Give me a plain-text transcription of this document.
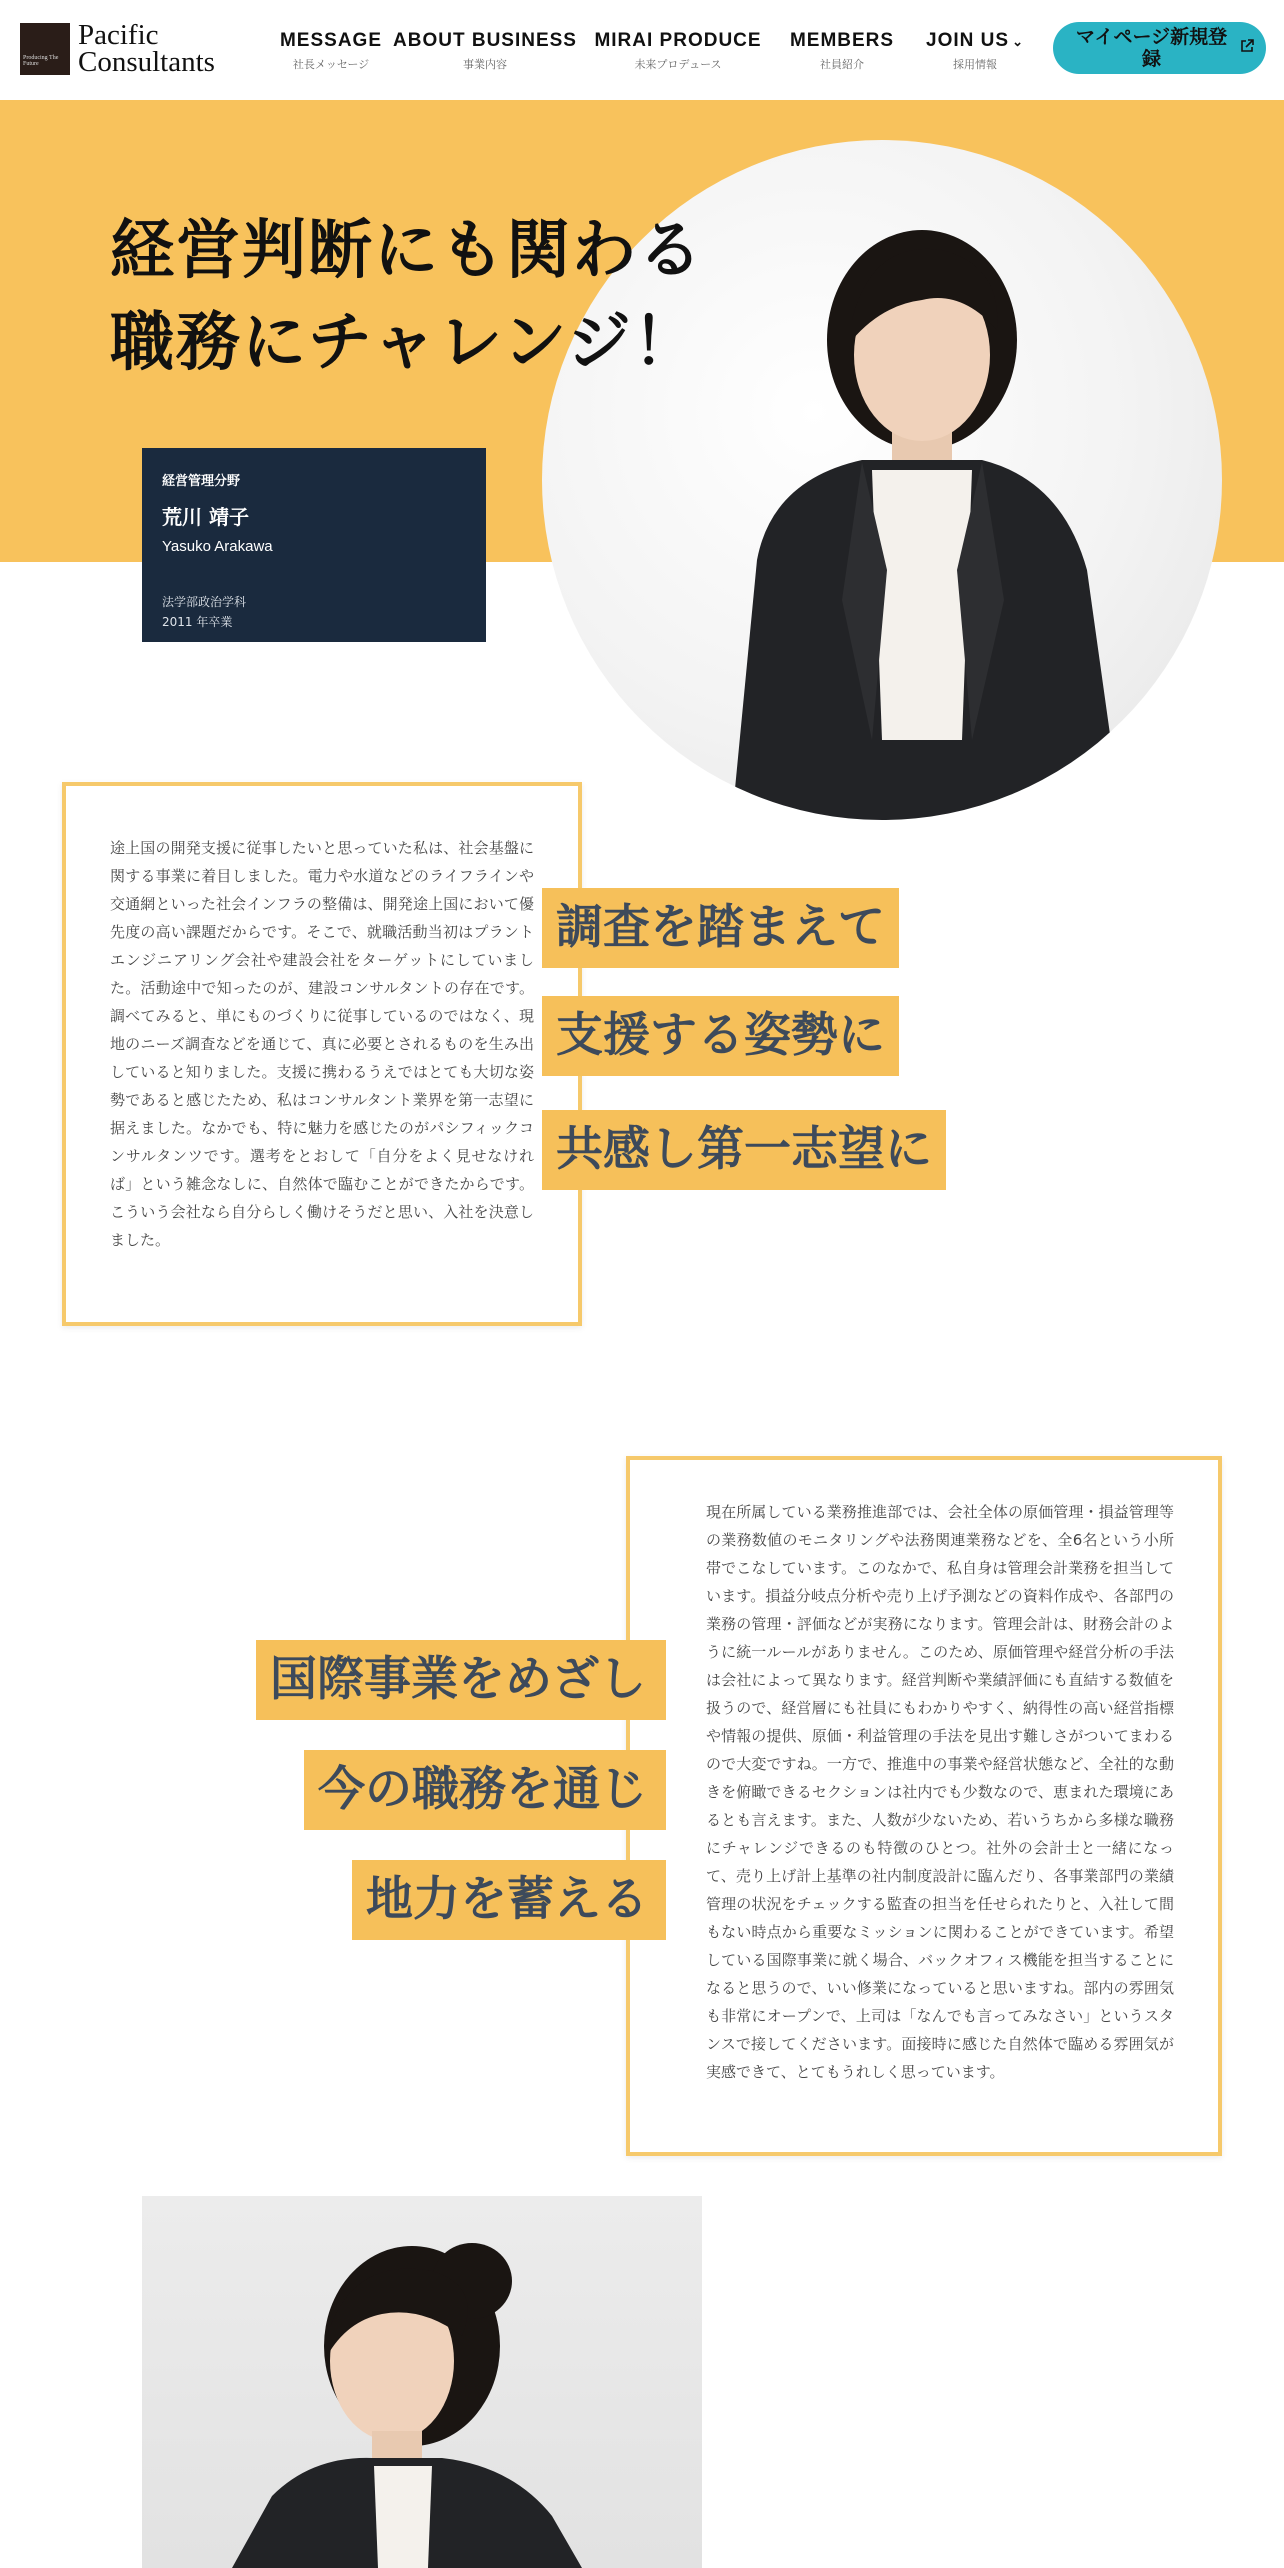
Producing The Future
Pacific
Consultants
MESSAGE
社長メッセージ
ABOUT BUSINESS
事業内容
MIRAI PRODUCE
未来プロデュース
MEMBERS
社員紹介
JOIN US ⌄
採用情報
マイページ新規登録
経営判断にも関わる
職務にチャレンジ！
経営管理分野
荒川 靖子
Yasuko Arakawa
法学部政治学科
2011 年卒業

途上国の開発支援に従事したいと思っていた私は、社会基盤に関する事業に着目しました。電力や水道などのライフラインや交通網といった社会インフラの整備は、開発途上国において優先度の高い課題だからです。そこで、就職活動当初はプラントエンジニアリング会社や建設会社をターゲットにしていました。活動途中で知ったのが、建設コンサルタントの存在です。調べてみると、単にものづくりに従事しているのではなく、現地のニーズ調査などを通じて、真に必要とされるものを生み出していると知りました。支援に携わるうえではとても大切な姿勢であると感じたため、私はコンサルタント業界を第一志望に据えました。なかでも、特に魅力を感じたのがパシフィックコンサルタンツです。選考をとおして「自分をよく見せなければ」という雑念なしに、自然体で臨むことができたからです。こういう会社なら自分らしく働けそうだと思い、入社を決意しました。

調査を踏まえて
支援する姿勢に
共感し第一志望に

現在所属している業務推進部では、会社全体の原価管理・損益管理等の業務数値のモニタリングや法務関連業務などを、全6名という小所帯でこなしています。このなかで、私自身は管理会計業務を担当しています。損益分岐点分析や売り上げ予測などの資料作成や、各部門の業務の管理・評価などが実務になります。管理会計は、財務会計のように統一ルールがありません。このため、原価管理や経営分析の手法は会社によって異なります。経営判断や業績評価にも直結する数値を扱うので、経営層にも社員にもわかりやすく、納得性の高い経営指標や情報の提供、原価・利益管理の手法を見出す難しさがついてまわるので大変ですね。一方で、推進中の事業や経営状態など、全社的な動きを俯瞰できるセクションは社内でも少数なので、恵まれた環境にあるとも言えます。また、人数が少ないため、若いうちから多様な職務にチャレンジできるのも特徴のひとつ。社外の会計士と一緒になって、売り上げ計上基準の社内制度設計に臨んだり、各事業部門の業績管理の状況をチェックする監査の担当を任せられたりと、入社して間もない時点から重要なミッションに関わることができています。希望している国際事業に就く場合、バックオフィス機能を担当することになると思うので、いい修業になっていると思いますね。部内の雰囲気も非常にオープンで、上司は「なんでも言ってみなさい」というスタンスで接してくださいます。面接時に感じた自然体で臨める雰囲気が実感できて、とてもうれしく思っています。

国際事業をめざし
今の職務を通じ
地力を蓄える
